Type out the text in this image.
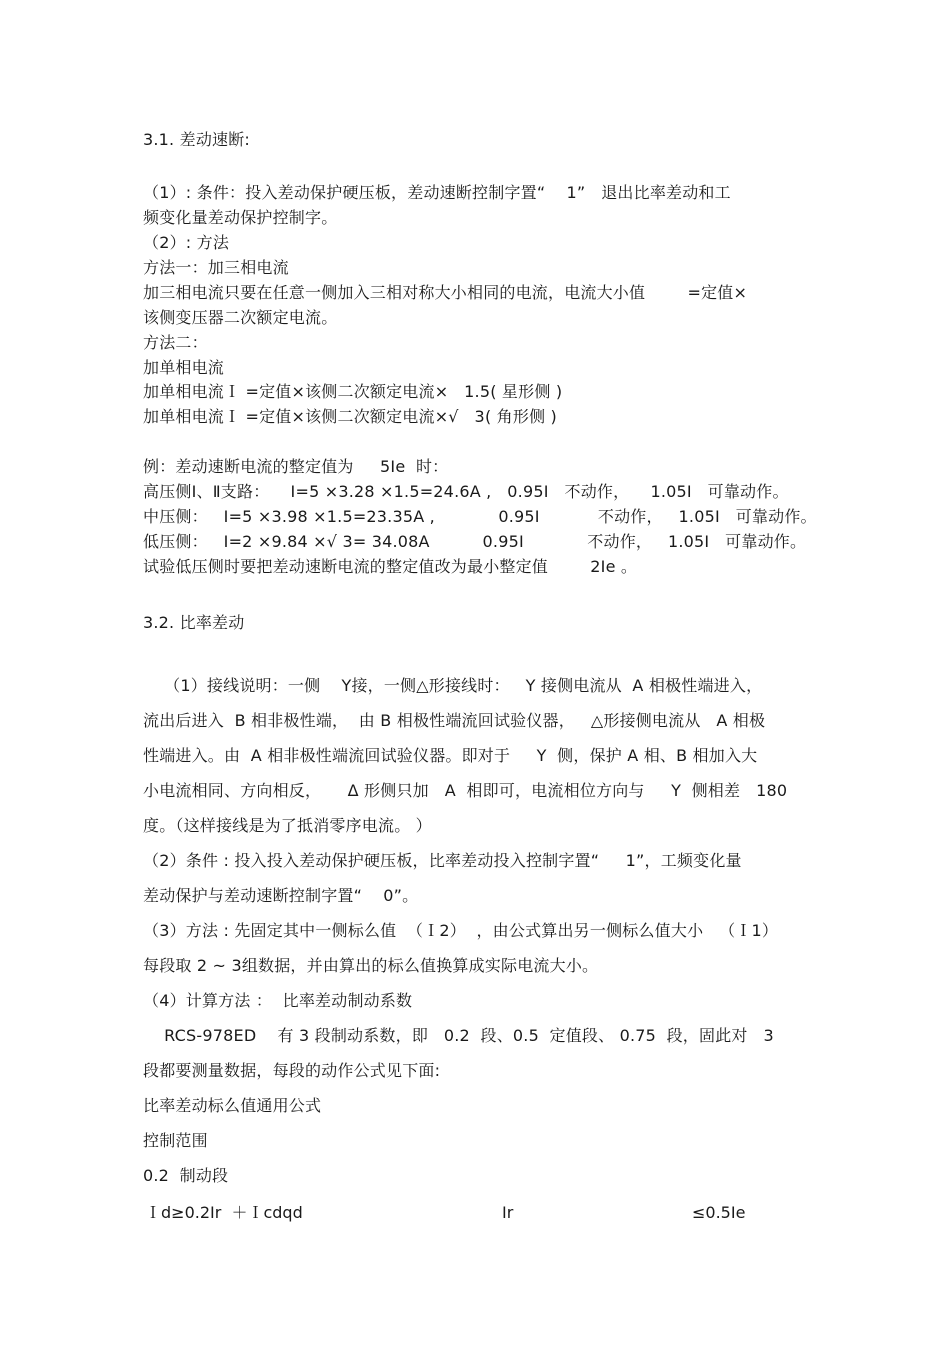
3.1. 差动速断:

（1）: 条件：投入差动保护硬压板，差动速断控制字置“    1”   退出比率差动和工

频变化量差动保护控制字。

（2）: 方法

方法一：加三相电流

加三相电流只要在任意一侧加入三相对称大小相同的电流，电流大小值        =定值×

该侧变压器二次额定电流。

方法二：

加单相电流

加单相电流Ｉ =定值×该侧二次额定电流×   1.5( 星形侧 )

加单相电流Ｉ =定值×该侧二次额定电流×√   3( 角形侧 )

例：差动速断电流的整定值为     5Ie  时：

高压侧Ⅰ、Ⅱ支路：    I=5 ×3.28 ×1.5=24.6A ,   0.95I   不动作，    1.05I   可靠动作。

中压侧：   I=5 ×3.98 ×1.5=23.35A ,            0.95I           不动作，   1.05I   可靠动作。

低压侧：   I=2 ×9.84 ×√ 3= 34.08A          0.95I            不动作，   1.05I   可靠动作。

试验低压侧时要把差动速断电流的整定值改为最小整定值        2Ie 。

3.2. 比率差动

（1）接线说明：一侧    Y接，一侧△形接线时：   Y 接侧电流从  A 相极性端进入，

流出后进入  B 相非极性端，  由 B 相极性端流回试验仪器，   △形接侧电流从   A 相极

性端进入。由  A 相非极性端流回试验仪器。即对于     Y  侧，保护 A 相、B 相加入大

小电流相同、方向相反，     Δ 形侧只加   A  相即可，电流相位方向与     Y  侧相差   180

度。（这样接线是为了抵消零序电流。 ）

（2）条件 : 投入投入差动保护硬压板，比率差动投入控制字置“     1”，工频变化量

差动保护与差动速断控制字置“    0”。

（3）方法 : 先固定其中一侧标么值  （Ｉ2）  ，由公式算出另一侧标么值大小   （Ｉ1）

每段取 2 ~ 3组数据，并由算出的标么值换算成实际电流大小。

（4）计算方法 ：  比率差动制动系数

RCS-978ED    有 3 段制动系数，即   0.2  段、0.5  定值段、 0.75  段，固此对   3

段都要测量数据，每段的动作公式见下面:

比率差动标么值通用公式

控制范围

0.2  制动段

Ｉd≥0.2Ir  ＋Ｉcdqd	Ir	≤0.5Ie
